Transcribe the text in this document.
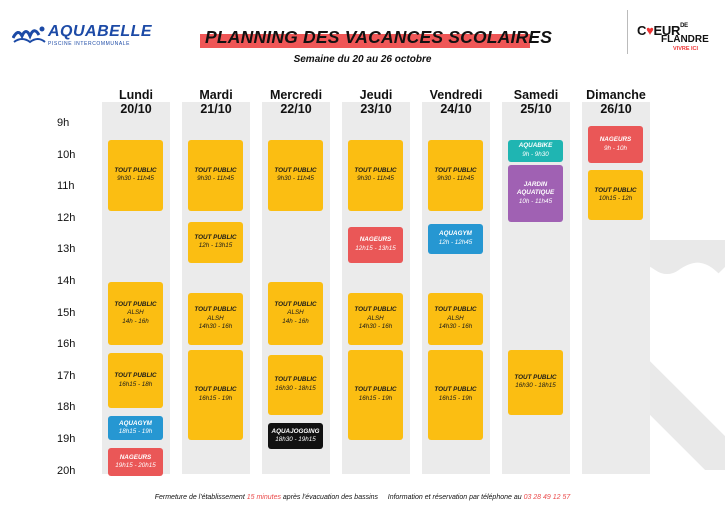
AQUABELLE
PISCINE INTERCOMMUNALE	PLANNING DES VACANCES SCOLAIRES
Semaine du 20 au 26 octobre
$C♥EUR^{DE}$
FLANDRE
VIVRE ICI
9h
10h
11h
12h
13h
14h
15h
16h
17h
18h
19h
20h
Lundi
20/10
TOUT PUBLIC
9h30 - 11h45
TOUT PUBLIC
ALSH
14h - 16h
TOUT PUBLIC
16h15 - 18h
AQUAGYM
18h15 - 19h
NAGEURS
19h15 - 20h15
Mardi
21/10
TOUT PUBLIC
9h30 - 11h45
TOUT PUBLIC
12h - 13h15
TOUT PUBLIC
ALSH
14h30 - 16h
TOUT PUBLIC
16h15 - 19h
Mercredi
22/10
TOUT PUBLIC
9h30 - 11h45
TOUT PUBLIC
ALSH
14h - 16h
TOUT PUBLIC
16h30 - 18h15
AQUAJOGGING
18h30 - 19h15
Jeudi
23/10
TOUT PUBLIC
9h30 - 11h45
NAGEURS
12h15 - 13h15
TOUT PUBLIC
ALSH
14h30 - 16h
TOUT PUBLIC
16h15 - 19h
Vendredi
24/10
TOUT PUBLIC
9h30 - 11h45
AQUAGYM
12h - 12h45
TOUT PUBLIC
ALSH
14h30 - 16h
TOUT PUBLIC
16h15 - 19h
Samedi
25/10
AQUABIKE
9h - 9h30
JARDIN AQUATIQUE
10h - 11h45
TOUT PUBLIC
16h30 - 18h15
Dimanche
26/10
NAGEURS
9h - 10h
TOUT PUBLIC
10h15 - 12h
Fermeture de l'établissement 15 minutes après l'évacuation des bassins     Information et réservation par téléphone au 03 28 49 12 57
